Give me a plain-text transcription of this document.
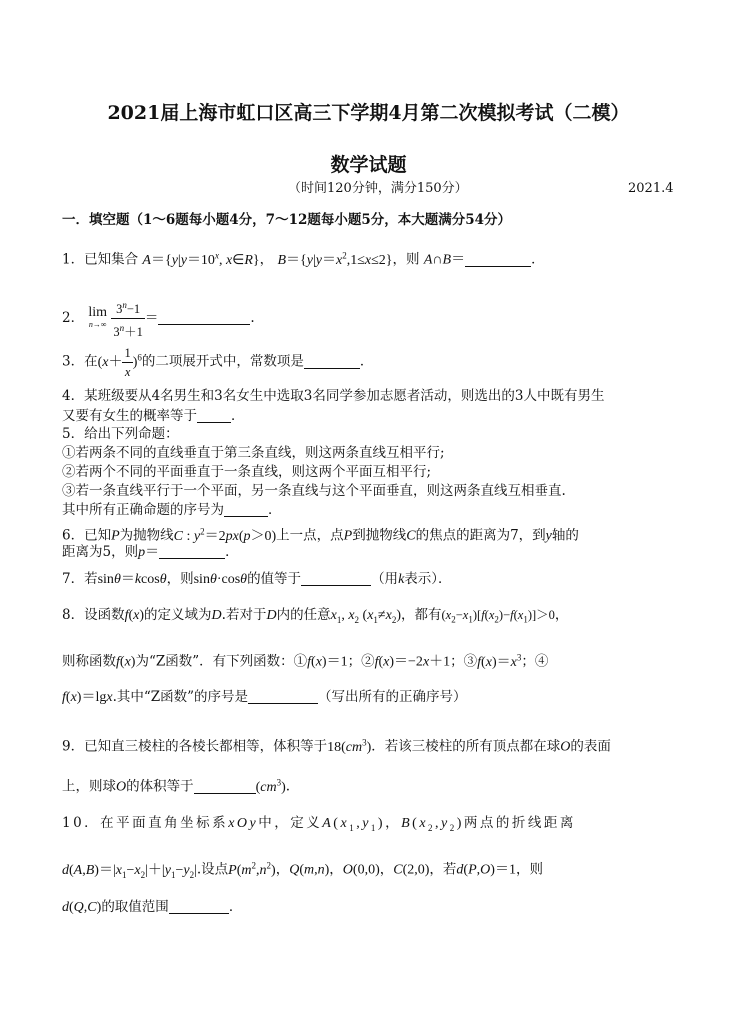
2021届上海市虹口区高三下学期4月第二次模拟考试（二模）
数学试题
（时间120分钟，满分150分）	2021.4
一．填空题（1～6题每小题4分，7～12题每小题5分，本大题满分54分）
1．已知集合 $A=\{y|y=10^x$, x∈R}， $B=\{y|y=x^2,1\le x\le 2\}$，则 A∩B＝	．
2． lim
n→∞
$\frac{3^n-1}{3^n+1}$ ＝	.
3．在$(x+ \frac{1}{x} )^6$的二项展开式中，常数项是	．
4．某班级要从4名男生和3名女生中选取3名同学参加志愿者活动，则选出的3人中既有男生
又要有女生的概率等于	．
5．给出下列命题：
①若两条不同的直线垂直于第三条直线，则这两条直线互相平行;
②若两个不同的平面垂直于一条直线，则这两个平面互相平行;
③若一条直线平行于一个平面，另一条直线与这个平面垂直，则这两条直线互相垂直.
其中所有正确命题的序号为	．
6．已知P为抛物线C : $y^2=2px(p>0)$上一点，点P到抛物线C的焦点的距离为7，到y轴的
距离为5，则p＝	．
7．若sinθ＝kcosθ，则sinθ·cosθ的值等于	（用k表示）．
8．设函数f(x)的定义域为D.若对于D内的任意$x_1$, $x_2$ $(x_1\ne x_2)$，都有$(x_2-x_1)[f(x_2)-f(x_1)]>0$，
则称函数f(x)为“Z函数”．有下列函数：①f(x)＝1；②f(x)＝−2x＋1；$③f(x)=x^3$；④
f(x)＝lgx.其中“Z函数”的序号是	（写出所有的正确序号）
9．已知直三棱柱的各棱长都相等，体积等于$18(cm^3)$．若该三棱柱的所有顶点都在球O的表面
上，则球O的体积等于	$(cm^3)$.
10．在平面直角坐标系xOy中，定义$A(x_1,y_1)$，$B(x_2,y_2)$两点的折线距离
$d(A,B)=|x_1-x_2|+|y_1-y_2|$.设点$P(m^2,n^2)$，Q(m,n)，O(0,0)，C(2,0)，若d(P,O)＝1，则
d(Q,C)的取值范围	．
